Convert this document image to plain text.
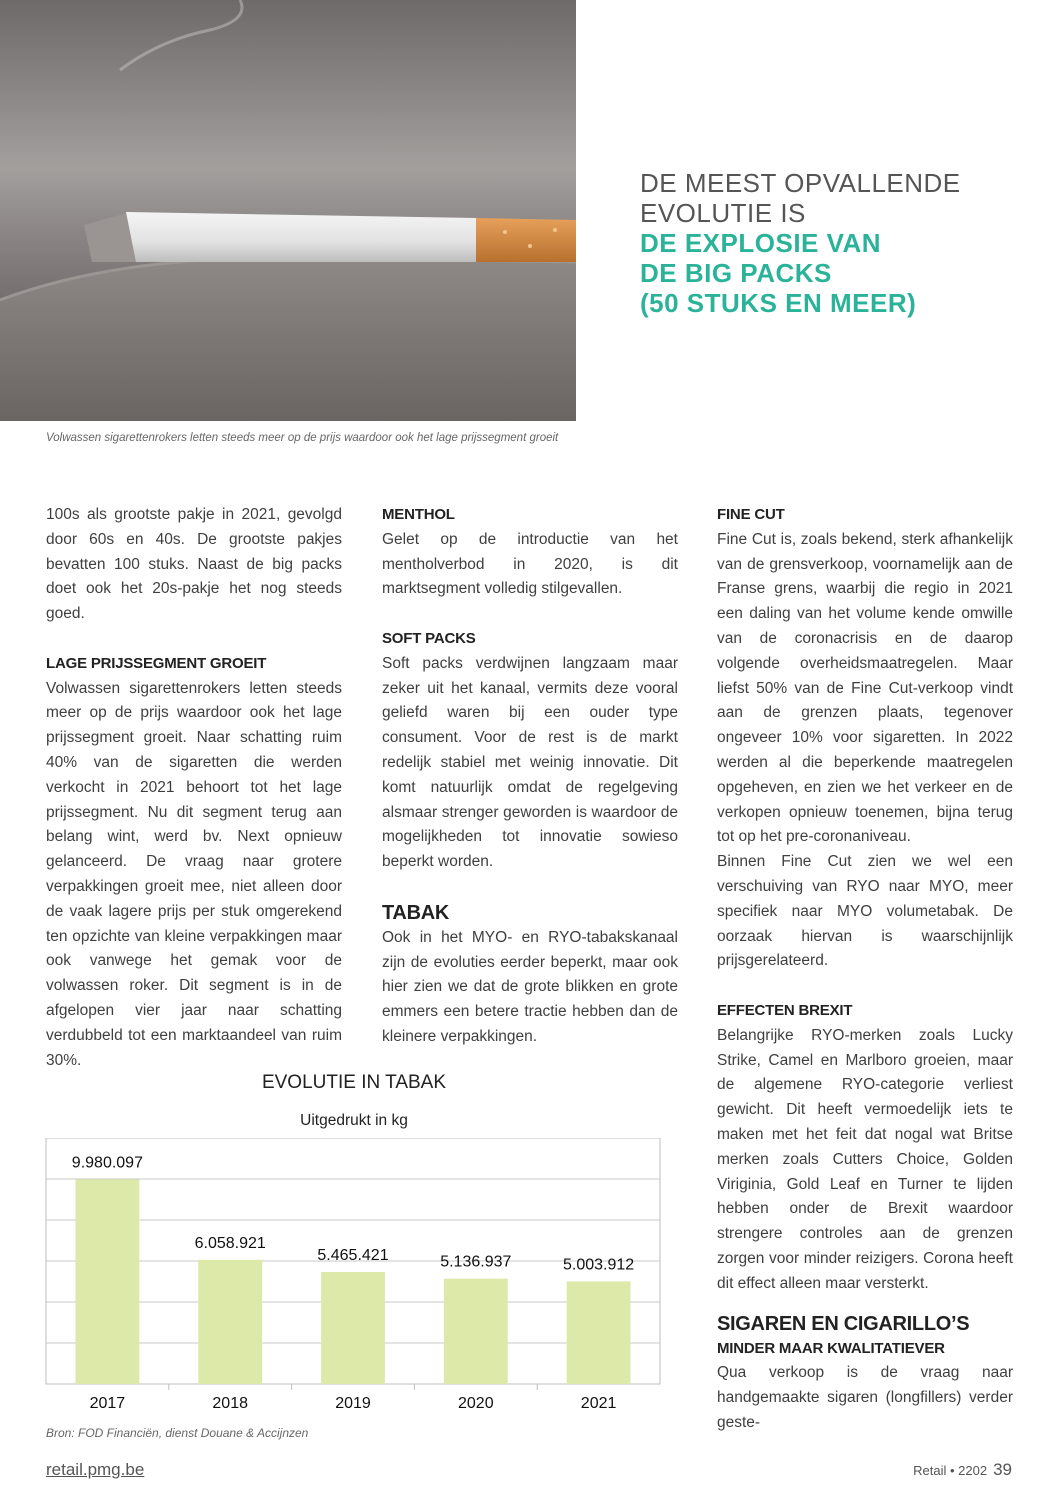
Volwassen sigarettenrokers letten steeds meer op de prijs waardoor ook het lage prijssegment groeit
DE MEEST OPVALLENDE
EVOLUTIE IS
DE EXPLOSIE VAN
DE BIG PACKS
(50 STUKS EN MEER)

100s als grootste pakje in 2021, gevolgd door 60s en 40s. De grootste pakjes bevatten 100 stuks. Naast de big packs doet ook het 20s-pakje het nog steeds goed.

LAGE PRIJSSEGMENT GROEIT

Volwassen sigarettenrokers letten steeds meer op de prijs waardoor ook het lage prijssegment groeit. Naar schatting ruim 40% van de sigaretten die werden verkocht in 2021 behoort tot het lage prijssegment. Nu dit segment terug aan belang wint, werd bv. Next opnieuw gelanceerd. De vraag naar grotere verpakkingen groeit mee, niet alleen door de vaak lagere prijs per stuk omgerekend ten opzichte van kleine verpakkingen maar ook vanwege het gemak voor de volwassen roker. Dit segment is in de afgelopen vier jaar naar schatting verdubbeld tot een marktaandeel van ruim 30%.

MENTHOL

Gelet op de introductie van het mentholverbod in 2020, is dit marktsegment volledig stilgevallen.

SOFT PACKS

Soft packs verdwijnen langzaam maar zeker uit het kanaal, vermits deze vooral geliefd waren bij een ouder type consument. Voor de rest is de markt redelijk stabiel met weinig innovatie. Dit komt natuurlijk omdat de regelgeving alsmaar strenger geworden is waardoor de mogelijkheden tot innovatie sowieso beperkt worden.

TABAK

Ook in het MYO- en RYO-tabakskanaal zijn de evoluties eerder beperkt, maar ook hier zien we dat de grote blikken en grote emmers een betere tractie hebben dan de kleinere verpakkingen.

FINE CUT

Fine Cut is, zoals bekend, sterk afhankelijk van de grensverkoop, voornamelijk aan de Franse grens, waarbij die regio in 2021 een daling van het volume kende omwille van de coronacrisis en de daarop volgende overheidsmaatregelen. Maar liefst 50% van de Fine Cut-verkoop vindt aan de grenzen plaats, tegenover ongeveer 10% voor sigaretten. In 2022 werden al die beperkende maatregelen opgeheven, en zien we het verkeer en de verkopen opnieuw toenemen, bijna terug tot op het pre-coronaniveau.

Binnen Fine Cut zien we wel een verschuiving van RYO naar MYO, meer specifiek naar MYO volumetabak. De oorzaak hiervan is waarschijnlijk prijsgerelateerd.

EFFECTEN BREXIT

Belangrijke RYO-merken zoals Lucky Strike, Camel en Marlboro groeien, maar de algemene RYO-categorie verliest gewicht. Dit heeft vermoedelijk iets te maken met het feit dat nogal wat Britse merken zoals Cutters Choice, Golden Viriginia, Gold Leaf en Turner te lijden hebben onder de Brexit waardoor strengere controles aan de grenzen zorgen voor minder reizigers. Corona heeft dit effect alleen maar versterkt.

SIGAREN EN CIGARILLO’S
MINDER MAAR KWALITATIEVER

Qua verkoop is de vraag naar handgemaakte sigaren (longfillers) verder geste-

EVOLUTIE IN TABAK
Uitgedrukt in kg
9.980.097
2017
6.058.921
2018
5.465.421
2019
5.136.937
2020
5.003.912
2021
Bron: FOD Financiën, dienst Douane & Accijnzen
retail.pmg.be	Retail • 2202 39
